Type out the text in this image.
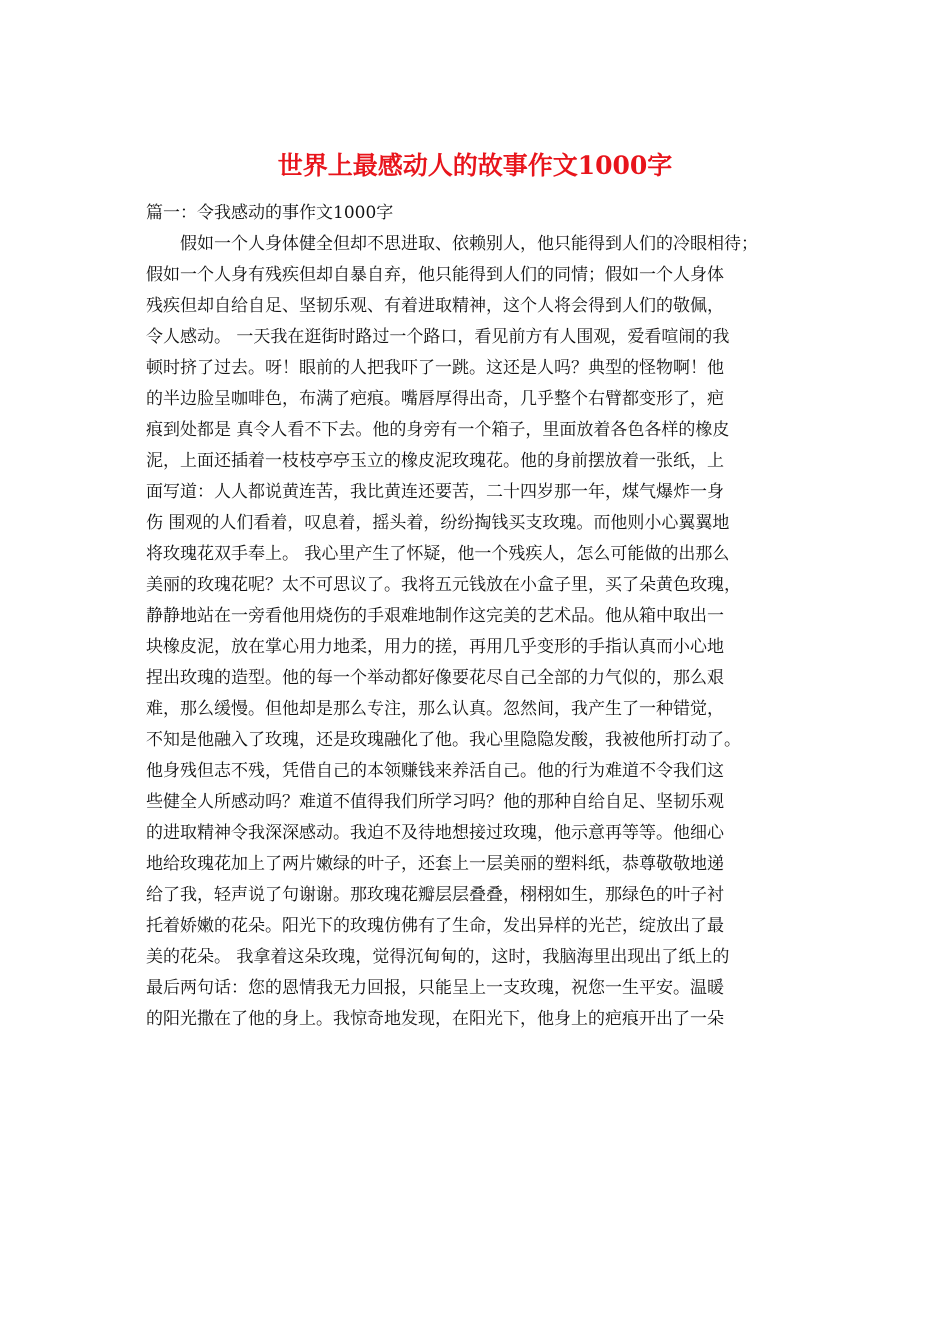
世界上最感动人的故事作文1000字

篇一：令我感动的事作文1000字

　　假如一个人身体健全但却不思进取、依赖别人，他只能得到人们的冷眼相待；

假如一个人身有残疾但却自暴自弃，他只能得到人们的同情；假如一个人身体

残疾但却自给自足、坚韧乐观、有着进取精神，这个人将会得到人们的敬佩，

令人感动。 一天我在逛街时路过一个路口，看见前方有人围观，爱看喧闹的我

顿时挤了过去。呀！眼前的人把我吓了一跳。这还是人吗？典型的怪物啊！他

的半边脸呈咖啡色，布满了疤痕。嘴唇厚得出奇，几乎整个右臂都变形了，疤

痕到处都是 真令人看不下去。他的身旁有一个箱子，里面放着各色各样的橡皮

泥，上面还插着一枝枝亭亭玉立的橡皮泥玫瑰花。他的身前摆放着一张纸，上

面写道：人人都说黄连苦，我比黄连还要苦，二十四岁那一年，煤气爆炸一身

伤 围观的人们看着，叹息着，摇头着，纷纷掏钱买支玫瑰。而他则小心翼翼地

将玫瑰花双手奉上。 我心里产生了怀疑，他一个残疾人，怎么可能做的出那么

美丽的玫瑰花呢？太不可思议了。我将五元钱放在小盒子里，买了朵黄色玫瑰，

静静地站在一旁看他用烧伤的手艰难地制作这完美的艺术品。他从箱中取出一

块橡皮泥，放在掌心用力地柔，用力的搓，再用几乎变形的手指认真而小心地

捏出玫瑰的造型。他的每一个举动都好像要花尽自己全部的力气似的，那么艰

难，那么缓慢。但他却是那么专注，那么认真。忽然间，我产生了一种错觉，

不知是他融入了玫瑰，还是玫瑰融化了他。我心里隐隐发酸，我被他所打动了。

他身残但志不残，凭借自己的本领赚钱来养活自己。他的行为难道不令我们这

些健全人所感动吗？难道不值得我们所学习吗？他的那种自给自足、坚韧乐观

的进取精神令我深深感动。我迫不及待地想接过玫瑰，他示意再等等。他细心

地给玫瑰花加上了两片嫩绿的叶子，还套上一层美丽的塑料纸，恭尊敬敬地递

给了我，轻声说了句谢谢。那玫瑰花瓣层层叠叠，栩栩如生，那绿色的叶子衬

托着娇嫩的花朵。阳光下的玫瑰仿佛有了生命，发出异样的光芒，绽放出了最

美的花朵。 我拿着这朵玫瑰，觉得沉甸甸的，这时，我脑海里出现出了纸上的

最后两句话：您的恩情我无力回报，只能呈上一支玫瑰，祝您一生平安。温暖

的阳光撒在了他的身上。我惊奇地发现，在阳光下，他身上的疤痕开出了一朵
